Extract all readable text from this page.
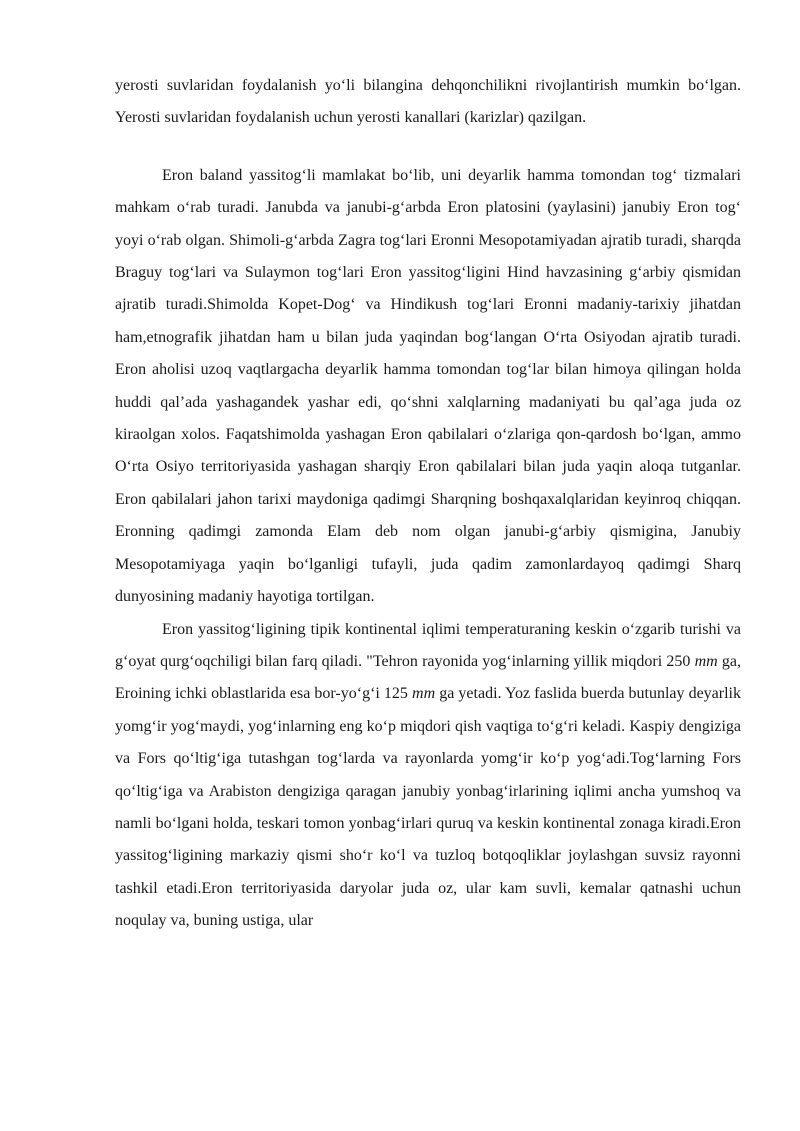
yerosti suvlaridan foydalanish yo‘li bilangina dehqonchilikni rivojlantirish mumkin bo‘lgan. Yerosti suvlaridan foydalanish uchun yerosti kanallari (karizlar) qazilgan.

Eron baland yassitog‘li mamlakat bo‘lib, uni deyarlik hamma tomondan tog‘ tizmalari mahkam o‘rab turadi. Janubda va janubi-g‘arbda Eron platosini (yaylasini) janubiy Eron tog‘ yoyi o‘rab olgan. Shimoli-g‘arbda Zagra tog‘lari Eronni Mesopotamiyadan ajratib turadi, sharqda Braguy tog‘lari va Sulaymon tog‘lari Eron yassitog‘ligini Hind havzasining g‘arbiy qismidan ajratib turadi.Shimolda Kopet-Dog‘ va Hindikush tog‘lari Eronni madaniy-tarixiy jihatdan ham,etnografik jihatdan ham u bilan juda yaqindan bog‘langan O‘rta Osiyodan ajratib turadi. Eron aholisi uzoq vaqtlargacha deyarlik hamma tomondan tog‘lar bilan himoya qilingan holda huddi qal’ada yashagandek yashar edi, qo‘shni xalqlarning madaniyati bu qal’aga juda oz kiraolgan xolos. Faqatshimolda yashagan Eron qabilalari o‘zlariga qon-qardosh bo‘lgan, ammo O‘rta Osiyo territoriyasida yashagan sharqiy Eron qabilalari bilan juda yaqin aloqa tutganlar. Eron qabilalari jahon tarixi maydoniga qadimgi Sharqning boshqaxalqlaridan keyinroq chiqqan. Eronning qadimgi zamonda Elam deb nom olgan janubi-g‘arbiy qismigina, Janubiy Mesopotamiyaga yaqin bo‘lganligi tufayli, juda qadim zamonlardayoq qadimgi Sharq dunyosining madaniy hayotiga tortilgan.

Eron yassitog‘ligining tipik kontinental iqlimi temperaturaning keskin o‘zgarib turishi va g‘oyat qurg‘oqchiligi bilan farq qiladi. "Tehron rayonida yog‘inlarning yillik miqdori 250 mm ga, Eroining ichki oblastlarida esa bor-yo‘g‘i 125 mm ga yetadi. Yoz faslida buerda butunlay deyarlik yomg‘ir yog‘maydi, yog‘inlarning eng ko‘p miqdori qish vaqtiga to‘g‘ri keladi. Kaspiy dengiziga va Fors qo‘ltig‘iga tutashgan tog‘larda va rayonlarda yomg‘ir ko‘p yog‘adi.Tog‘larning Fors qo‘ltig‘iga va Arabiston dengiziga qaragan janubiy yonbag‘irlarining iqlimi ancha yumshoq va namli bo‘lgani holda, teskari tomon yonbag‘irlari quruq va keskin kontinental zonaga kiradi.Eron yassitog‘ligining markaziy qismi sho‘r ko‘l va tuzloq botqoqliklar joylashgan suvsiz rayonni tashkil etadi.Eron territoriyasida daryolar juda oz, ular kam suvli, kemalar qatnashi uchun noqulay va, buning ustiga, ular
